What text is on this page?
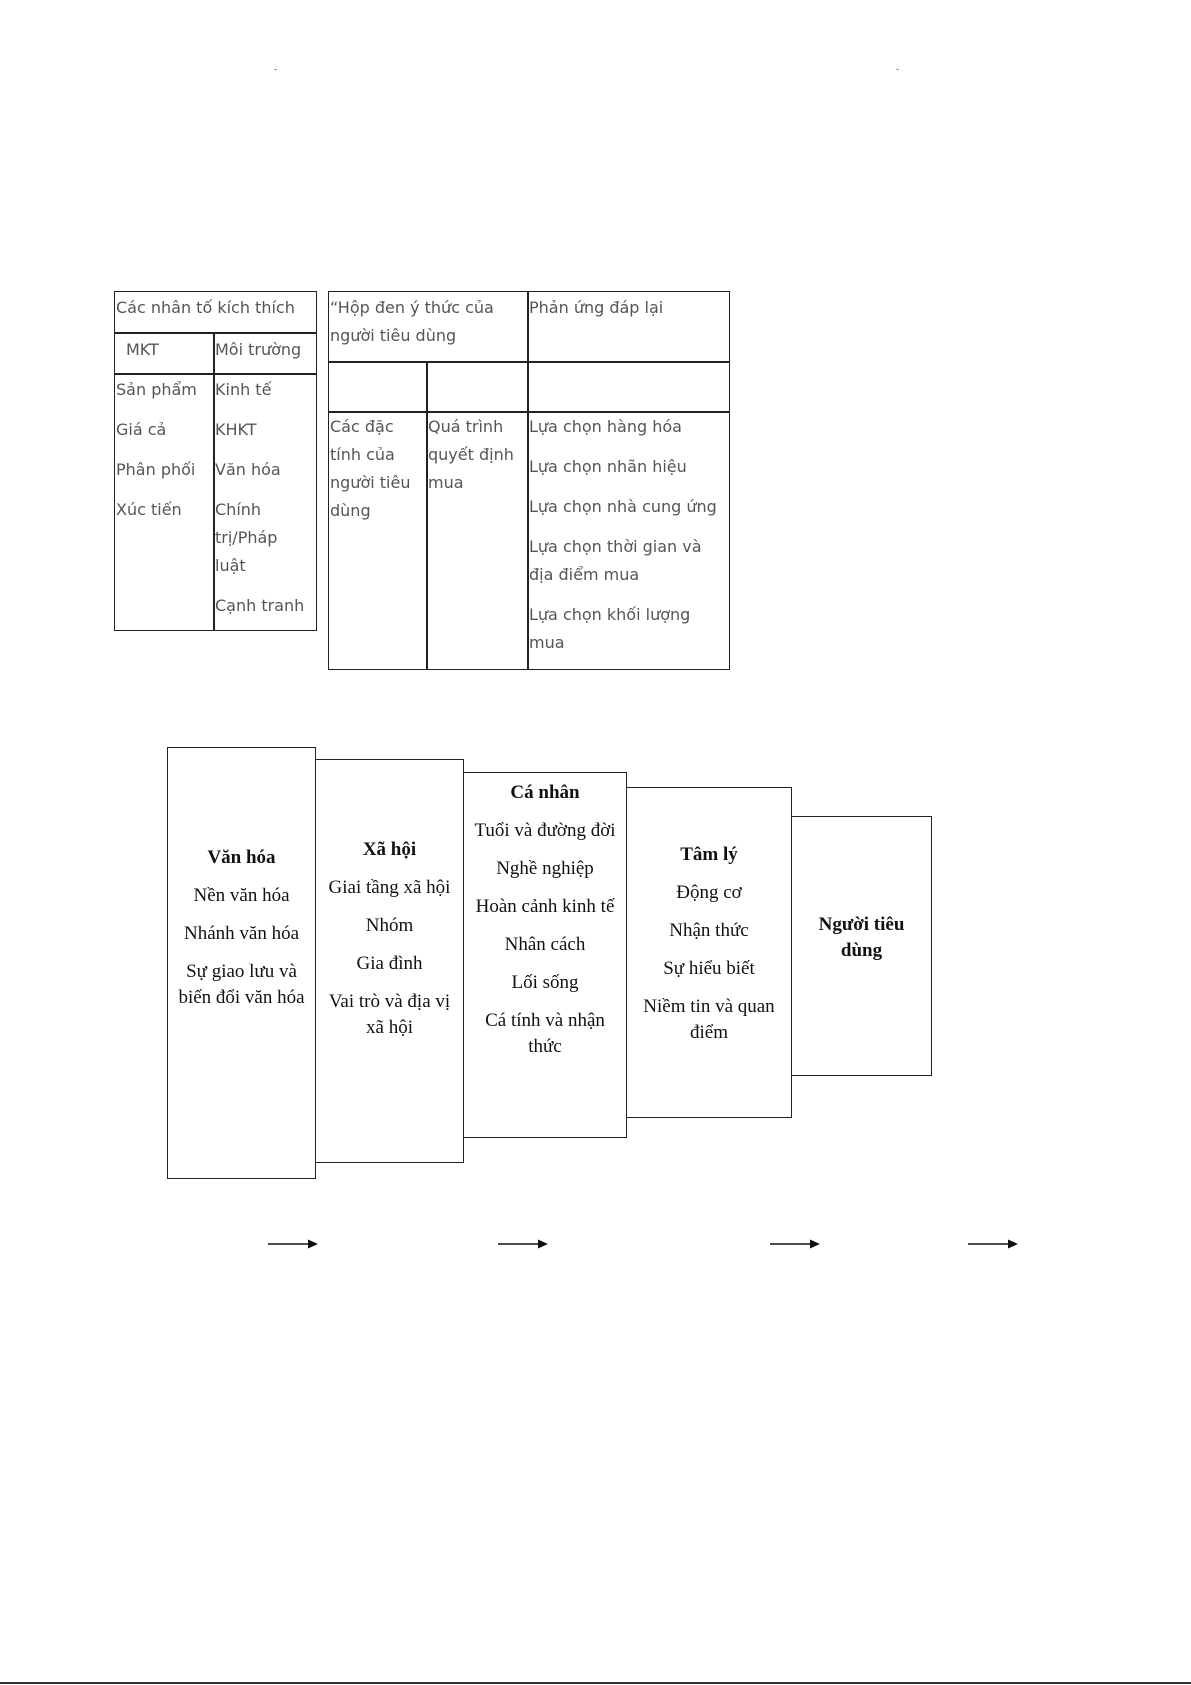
˗	˗
Các nhân tố kích thích
MKT	Môi trường
Sản phẩm
Giá cả
Phân phối
Xúc tiến
Kinh tế
KHKT
Văn hóa
Chính trị/Pháp luật
Cạnh tranh
“Hộp đen ý thức của người tiêu dùng
Phản ứng đáp lại
Các đặc tính của người tiêu dùng
Quá trình quyết định mua
Lựa chọn hàng hóa
Lựa chọn nhãn hiệu
Lựa chọn nhà cung ứng
Lựa chọn thời gian và địa điểm mua
Lựa chọn khối lượng mua
Văn hóa
Nền văn hóa
Nhánh văn hóa
Sự giao lưu và biến đổi văn hóa
Xã hội
Giai tầng xã hội
Nhóm
Gia đình
Vai trò và địa vị xã hội
Cá nhân
Tuổi và đường đời
Nghề nghiệp
Hoàn cảnh kinh tế
Nhân cách
Lối sống
Cá tính và nhận thức
Tâm lý
Động cơ
Nhận thức
Sự hiểu biết
Niềm tin và quan điểm
Người tiêu dùng
